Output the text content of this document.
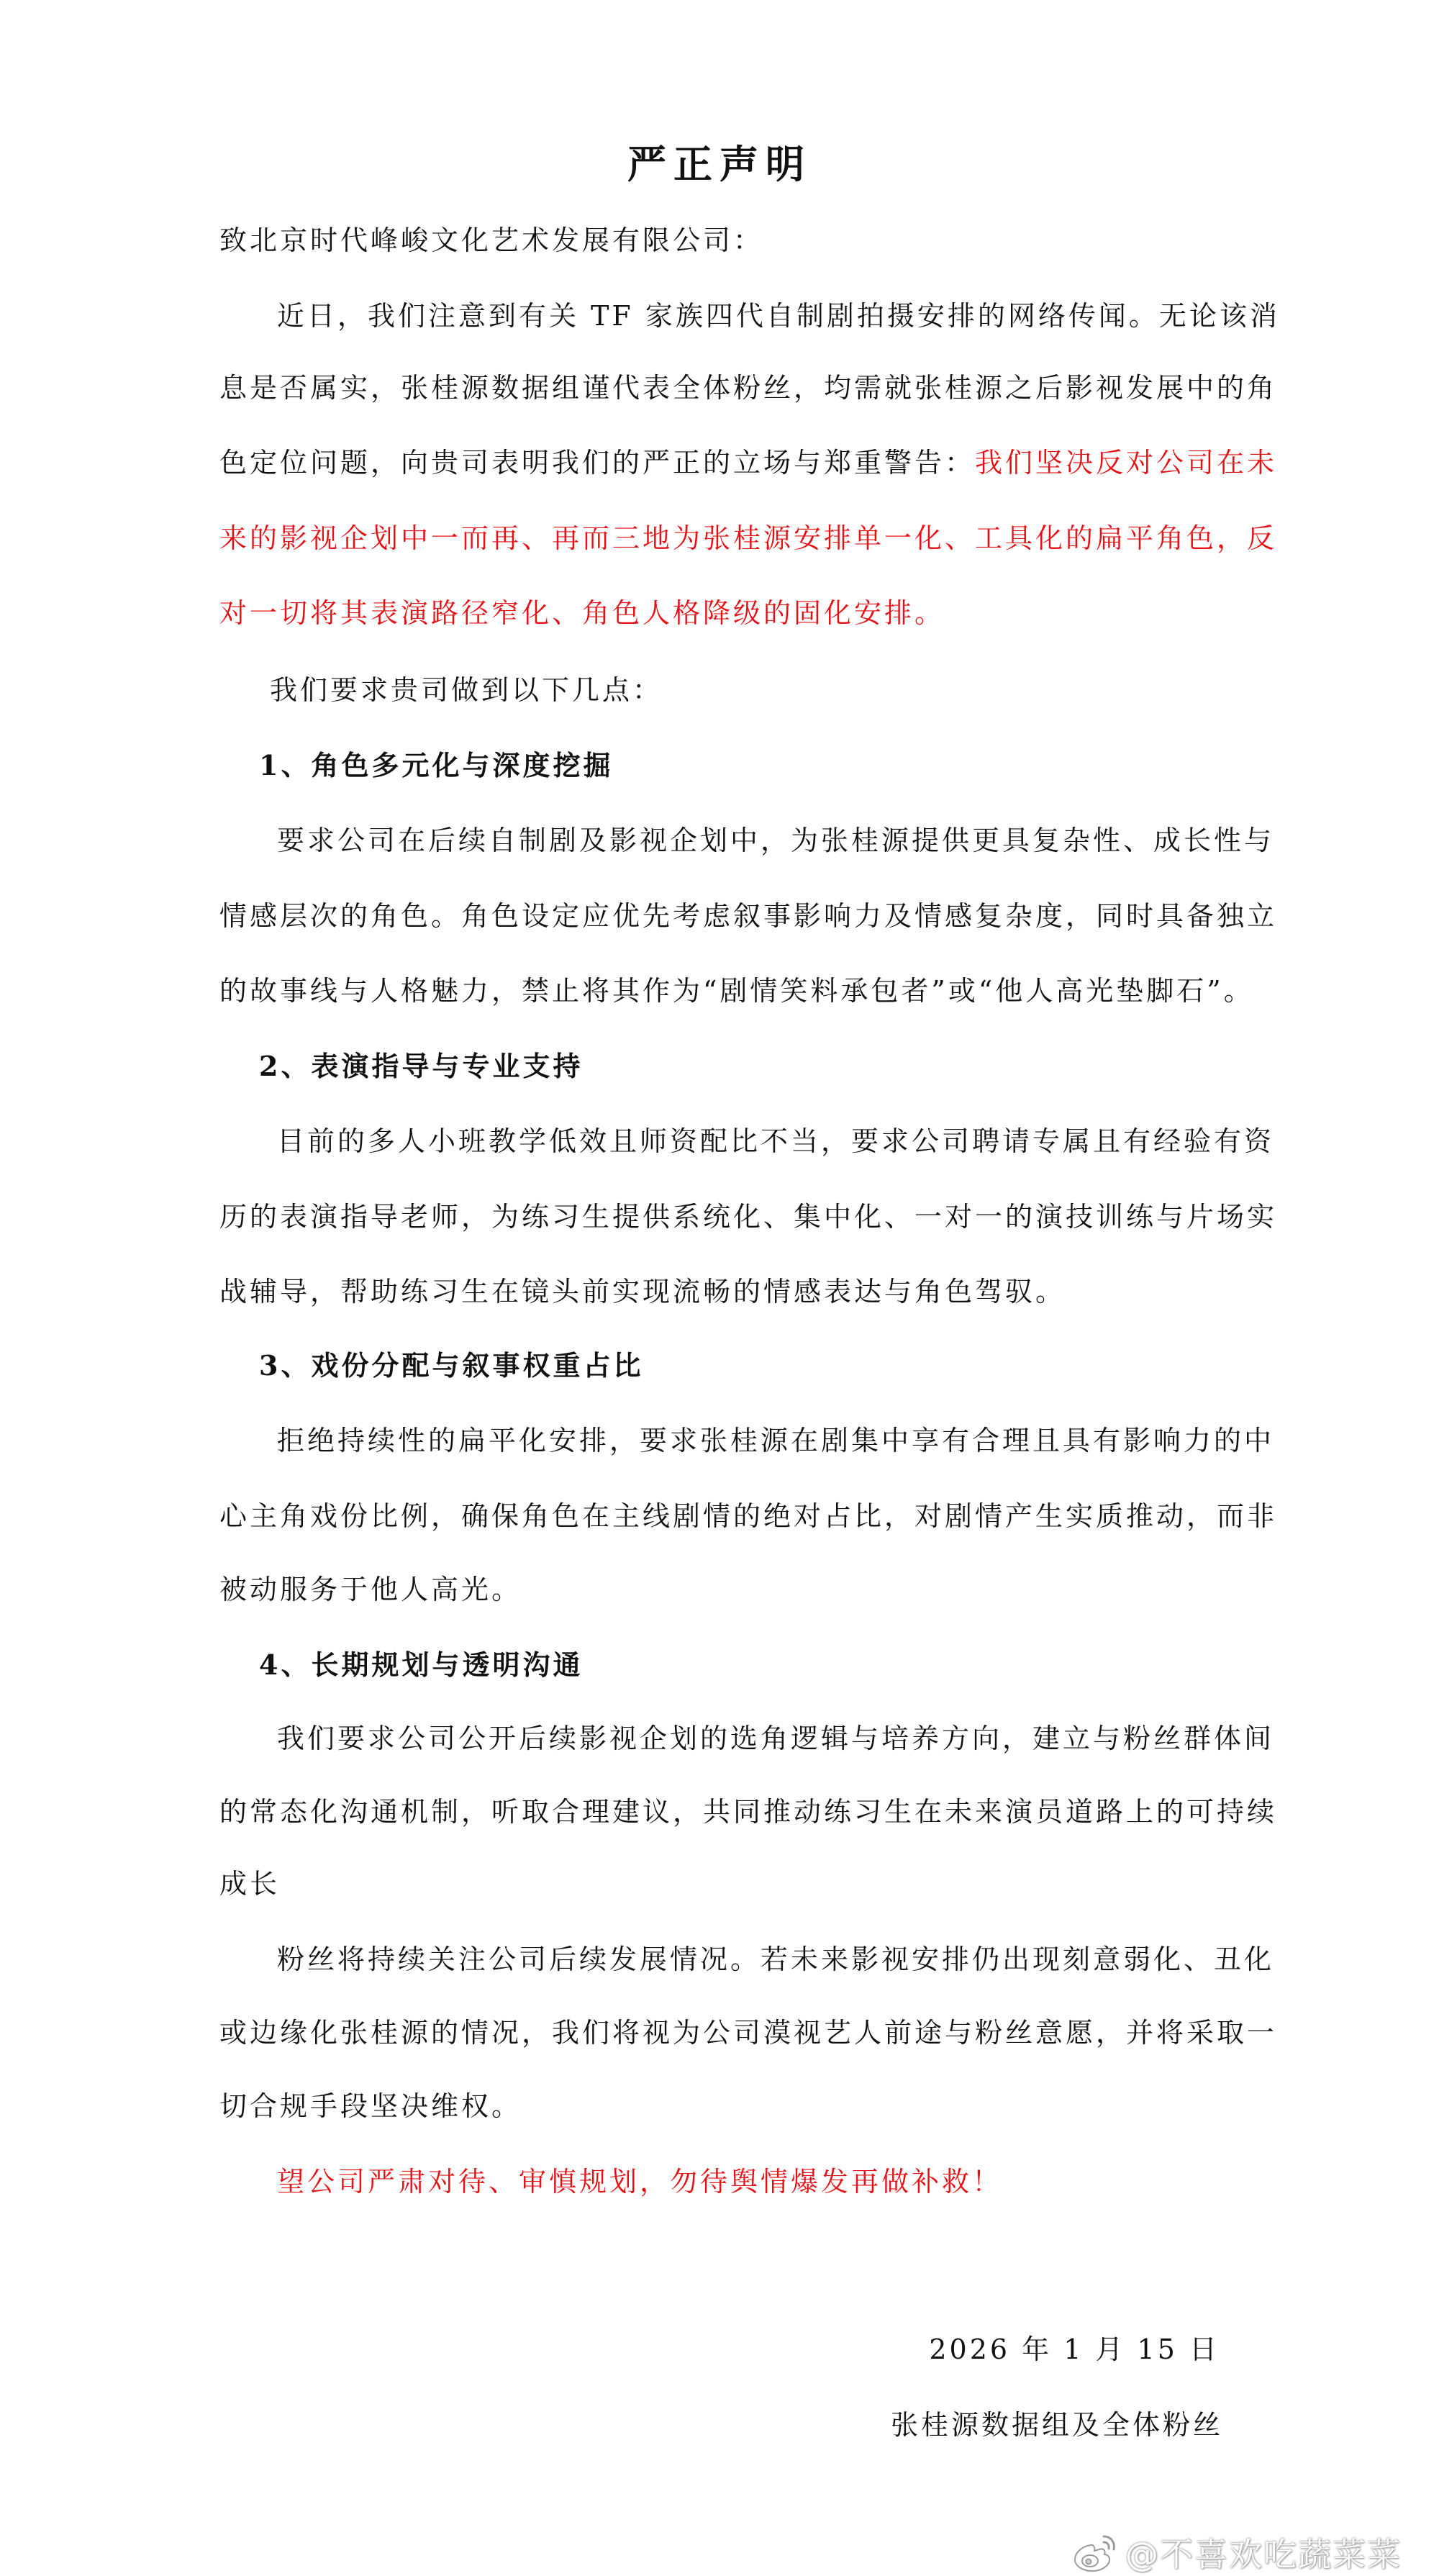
严正声明
致北京时代峰峻文化艺术发展有限公司：
近日，我们注意到有关 TF 家族四代自制剧拍摄安排的网络传闻。无论该消
息是否属实，张桂源数据组谨代表全体粉丝，均需就张桂源之后影视发展中的角
色定位问题，向贵司表明我们的严正的立场与郑重警告：我们坚决反对公司在未
来的影视企划中一而再、再而三地为张桂源安排单一化、工具化的扁平角色，反
对一切将其表演路径窄化、角色人格降级的固化安排。
我们要求贵司做到以下几点：
1、角色多元化与深度挖掘
要求公司在后续自制剧及影视企划中，为张桂源提供更具复杂性、成长性与
情感层次的角色。角色设定应优先考虑叙事影响力及情感复杂度，同时具备独立
的故事线与人格魅力，禁止将其作为“剧情笑料承包者”或“他人高光垫脚石”。
2、表演指导与专业支持
目前的多人小班教学低效且师资配比不当，要求公司聘请专属且有经验有资
历的表演指导老师，为练习生提供系统化、集中化、一对一的演技训练与片场实
战辅导，帮助练习生在镜头前实现流畅的情感表达与角色驾驭。
3、戏份分配与叙事权重占比
拒绝持续性的扁平化安排，要求张桂源在剧集中享有合理且具有影响力的中
心主角戏份比例，确保角色在主线剧情的绝对占比，对剧情产生实质推动，而非
被动服务于他人高光。
4、长期规划与透明沟通
我们要求公司公开后续影视企划的选角逻辑与培养方向，建立与粉丝群体间
的常态化沟通机制，听取合理建议，共同推动练习生在未来演员道路上的可持续
成长
粉丝将持续关注公司后续发展情况。若未来影视安排仍出现刻意弱化、丑化
或边缘化张桂源的情况，我们将视为公司漠视艺人前途与粉丝意愿，并将采取一
切合规手段坚决维权。
望公司严肃对待、审慎规划，勿待舆情爆发再做补救！
2026 年 1 月 15 日
张桂源数据组及全体粉丝
@不喜欢吃蔬菜菜
